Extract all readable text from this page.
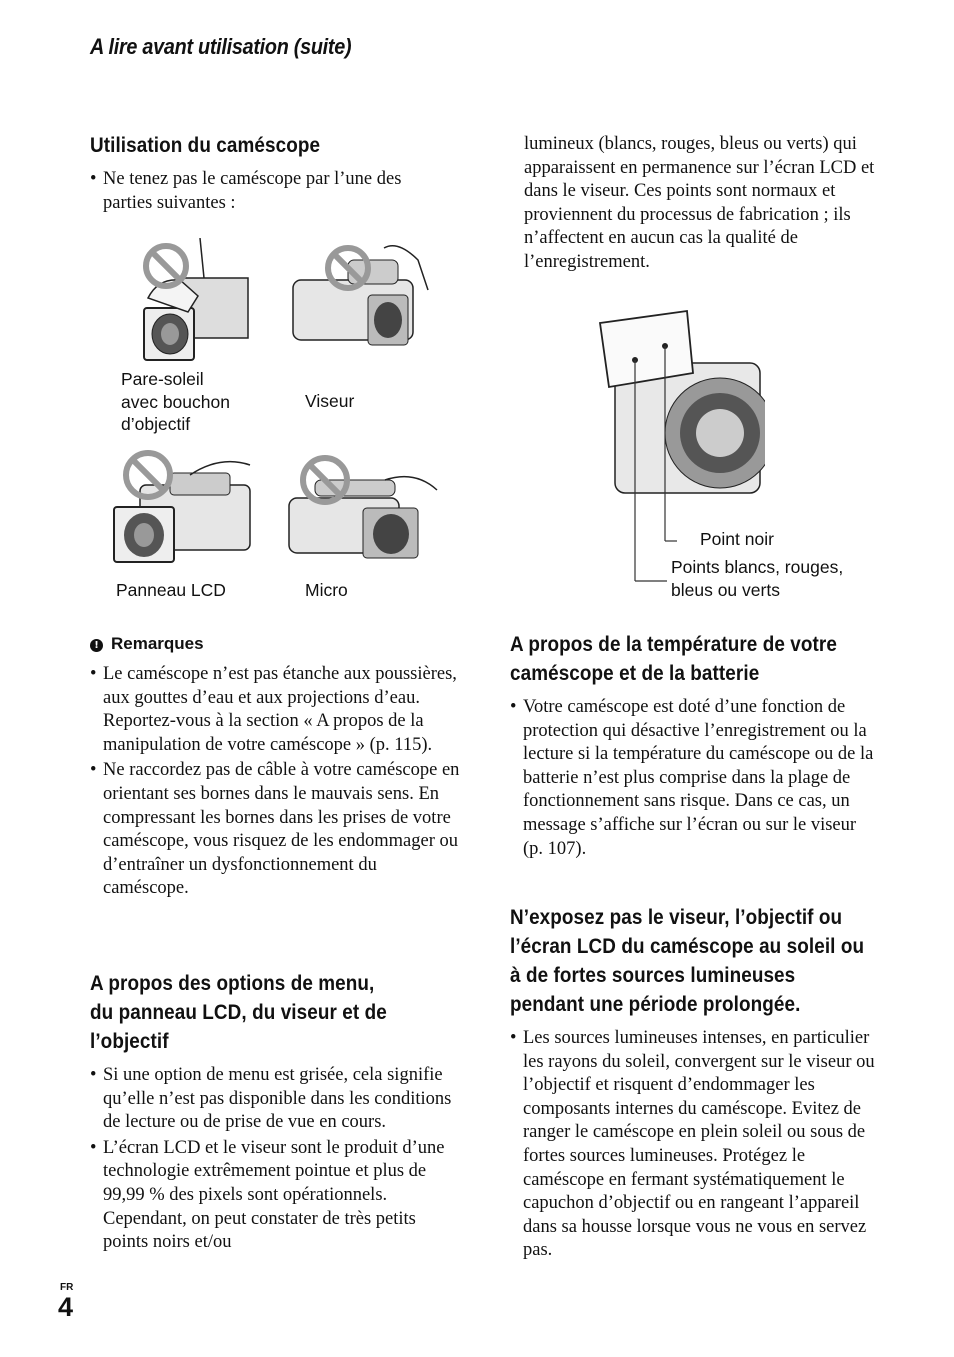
A lire avant utilisation (suite)
Utilisation du caméscope
• Ne tenez pas le caméscope par l’une des parties suivantes :
Pare-soleil
avec bouchon
d’objectif
Viseur
Panneau LCD	Micro
! Remarques
• Le caméscope n’est pas étanche aux poussières, aux gouttes d’eau et aux projections d’eau.
Reportez-vous à la section « A propos de la manipulation de votre caméscope » (p. 115).
• Ne raccordez pas de câble à votre caméscope en orientant ses bornes dans le mauvais sens. En compressant les bornes dans les prises de votre caméscope, vous risquez de les endommager ou d’entraîner un dysfonctionnement du caméscope.
A propos des options de menu, du panneau LCD, du viseur et de l’objectif
• Si une option de menu est grisée, cela signifie qu’elle n’est pas disponible dans les conditions de lecture ou de prise de vue en cours.
• L’écran LCD et le viseur sont le produit d’une technologie extrêmement pointue et plus de 99,99 % des pixels sont opérationnels. Cependant, on peut constater de très petits points noirs et/ou
lumineux (blancs, rouges, bleus ou verts) qui apparaissent en permanence sur l’écran LCD et dans le viseur. Ces points sont normaux et proviennent du processus de fabrication ; ils n’affectent en aucun cas la qualité de l’enregistrement.
Point noir
Points blancs, rouges,
bleus ou verts
A propos de la température de votre caméscope et de la batterie
• Votre caméscope est doté d’une fonction de protection qui désactive l’enregistrement ou la lecture si la température du caméscope ou de la batterie n’est plus comprise dans la plage de fonctionnement sans risque. Dans ce cas, un message s’affiche sur l’écran ou sur le viseur (p. 107).
N’exposez pas le viseur, l’objectif ou l’écran LCD du caméscope au soleil ou à de fortes sources lumineuses pendant une période prolongée.
• Les sources lumineuses intenses, en particulier les rayons du soleil, convergent sur le viseur ou l’objectif et risquent d’endommager les composants internes du caméscope. Evitez de ranger le caméscope en plein soleil ou sous de fortes sources lumineuses. Protégez le caméscope en fermant systématiquement le capuchon d’objectif ou en rangeant l’appareil dans sa housse lorsque vous ne vous en servez pas.
FR
4
